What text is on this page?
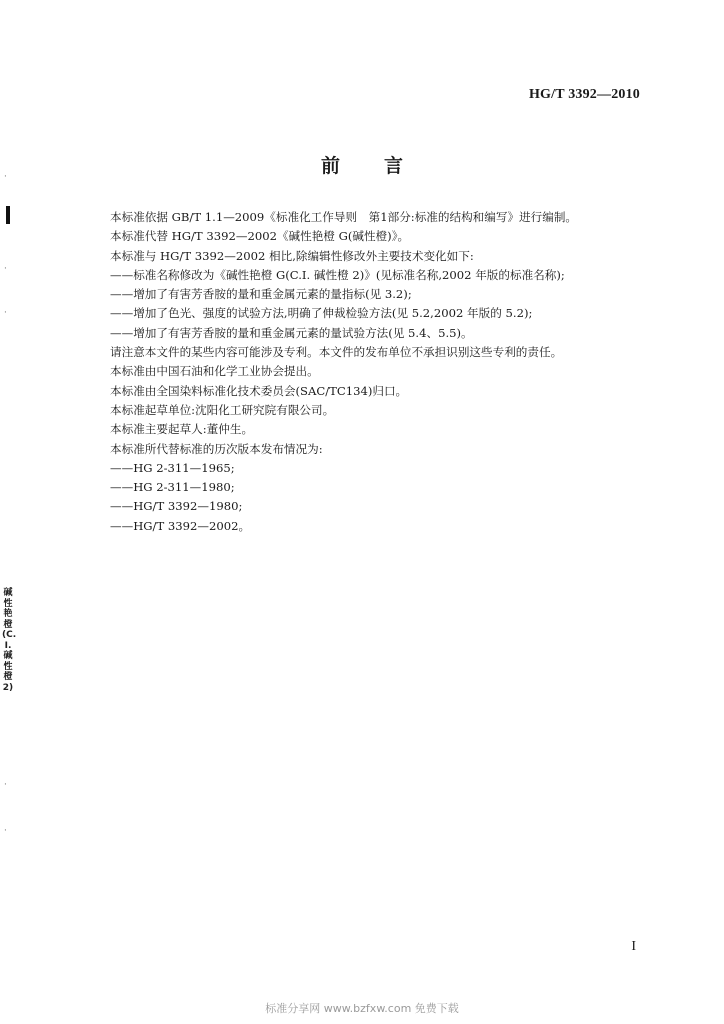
HG/T 3392—2010
前 言
本标准依据 GB/T 1.1—2009《标准化工作导则　第1部分:标准的结构和编写》进行编制。
本标准代替 HG/T 3392—2002《碱性艳橙 G(碱性橙)》。
本标准与 HG/T 3392—2002 相比,除编辑性修改外主要技术变化如下:
——标准名称修改为《碱性艳橙 G(C.I. 碱性橙 2)》(见标准名称,2002 年版的标准名称);
——增加了有害芳香胺的量和重金属元素的量指标(见 3.2);
——增加了色光、强度的试验方法,明确了伸裁检验方法(见 5.2,2002 年版的 5.2);
——增加了有害芳香胺的量和重金属元素的量试验方法(见 5.4、5.5)。
请注意本文件的某些内容可能涉及专利。本文件的发布单位不承担识别这些专利的责任。
本标准由中国石油和化学工业协会提出。
本标准由全国染料标准化技术委员会(SAC/TC134)归口。
本标准起草单位:沈阳化工研究院有限公司。
本标准主要起草人:董仲生。
本标准所代替标准的历次版本发布情况为:
——HG 2-311—1965;
——HG 2-311—1980;
——HG/T 3392—1980;
——HG/T 3392—2002。
·
·
·
·
·
碱性艳橙(C.I.碱性橙2)
I
标准分享网 www.bzfxw.com 免费下载
